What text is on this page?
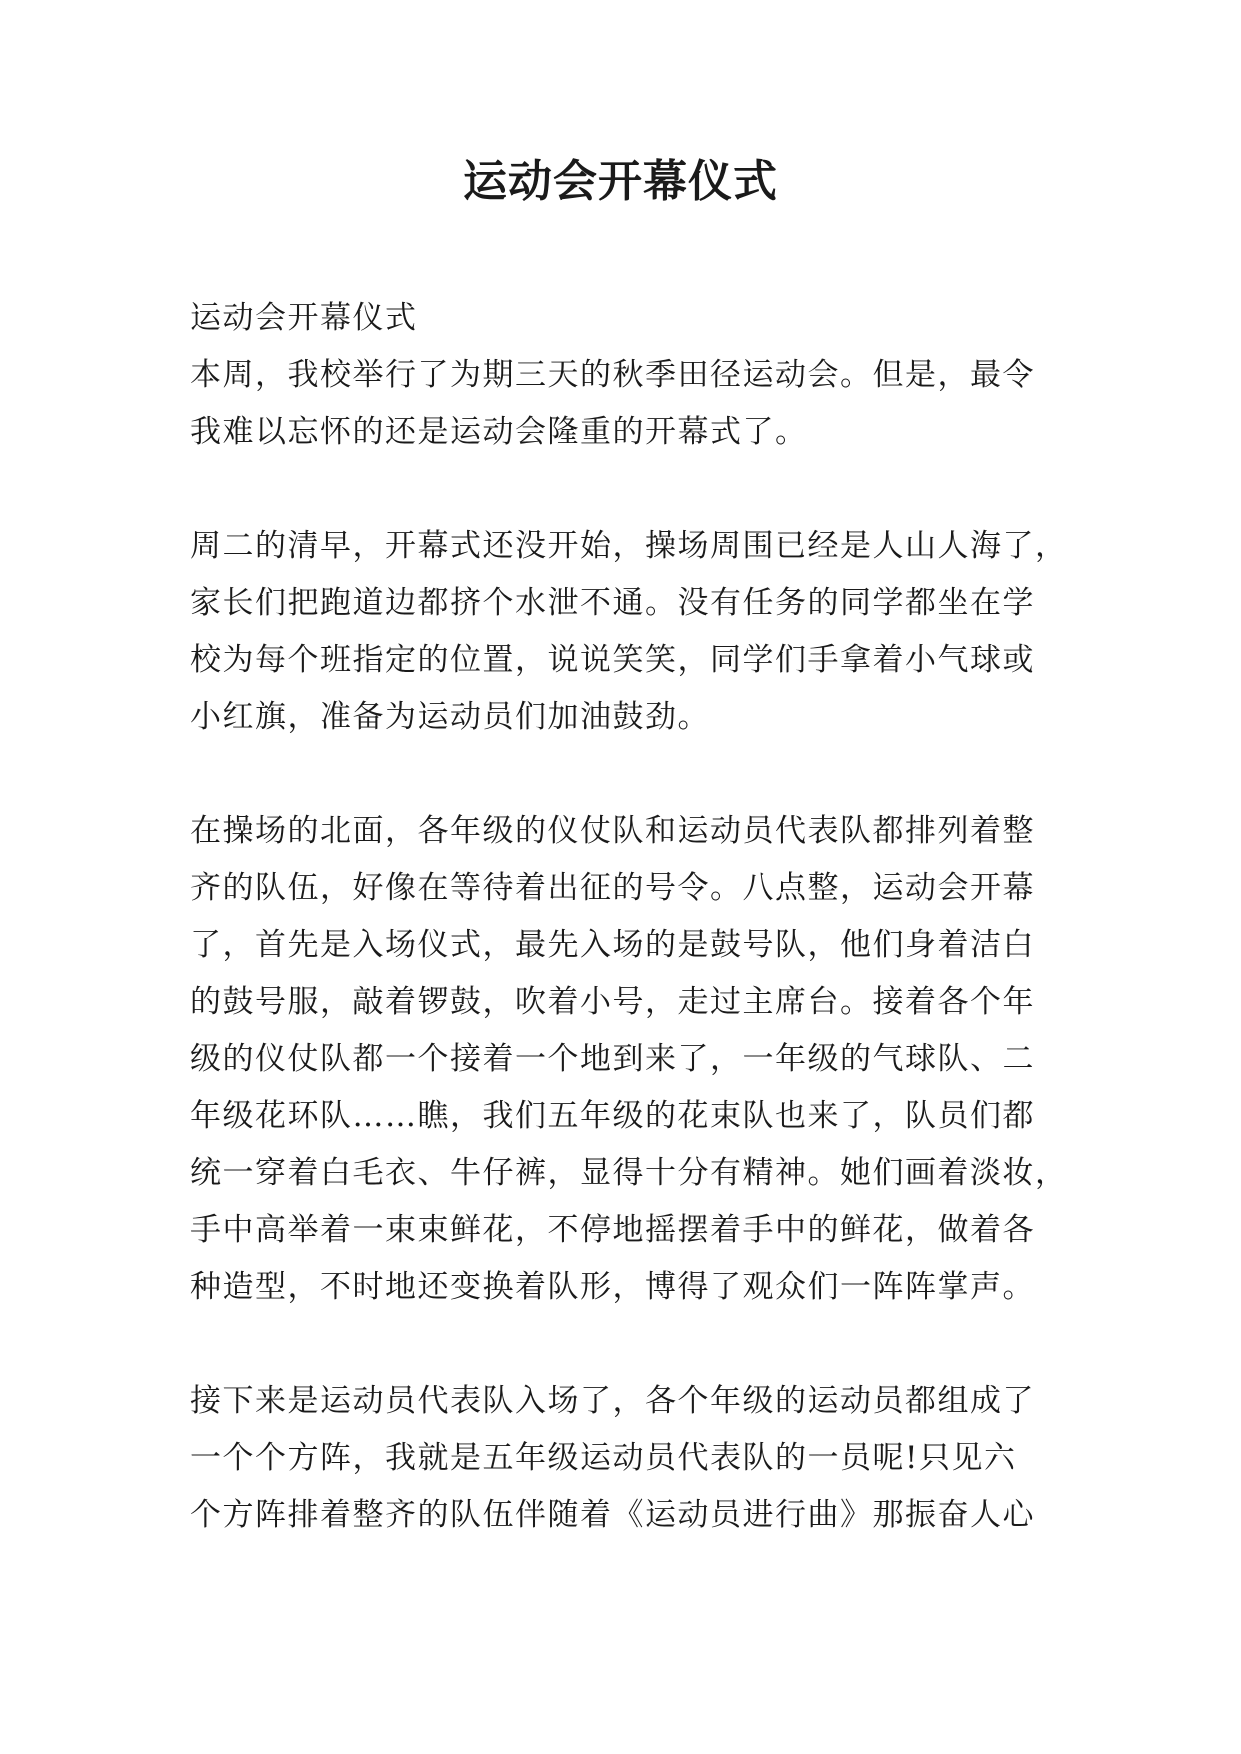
运动会开幕仪式
运动会开幕仪式
本周，我校举行了为期三天的秋季田径运动会。但是，最令
我难以忘怀的还是运动会隆重的开幕式了。
周二的清早，开幕式还没开始，操场周围已经是人山人海了，
家长们把跑道边都挤个水泄不通。没有任务的同学都坐在学
校为每个班指定的位置，说说笑笑，同学们手拿着小气球或
小红旗，准备为运动员们加油鼓劲。
在操场的北面，各年级的仪仗队和运动员代表队都排列着整
齐的队伍，好像在等待着出征的号令。八点整，运动会开幕
了，首先是入场仪式，最先入场的是鼓号队，他们身着洁白
的鼓号服，敲着锣鼓，吹着小号，走过主席台。接着各个年
级的仪仗队都一个接着一个地到来了，一年级的气球队、二
年级花环队……瞧，我们五年级的花束队也来了，队员们都
统一穿着白毛衣、牛仔裤，显得十分有精神。她们画着淡妆，
手中高举着一束束鲜花，不停地摇摆着手中的鲜花，做着各
种造型，不时地还变换着队形，博得了观众们一阵阵掌声。
接下来是运动员代表队入场了，各个年级的运动员都组成了
一个个方阵，我就是五年级运动员代表队的一员呢!只见六
个方阵排着整齐的队伍伴随着《运动员进行曲》那振奋人心
